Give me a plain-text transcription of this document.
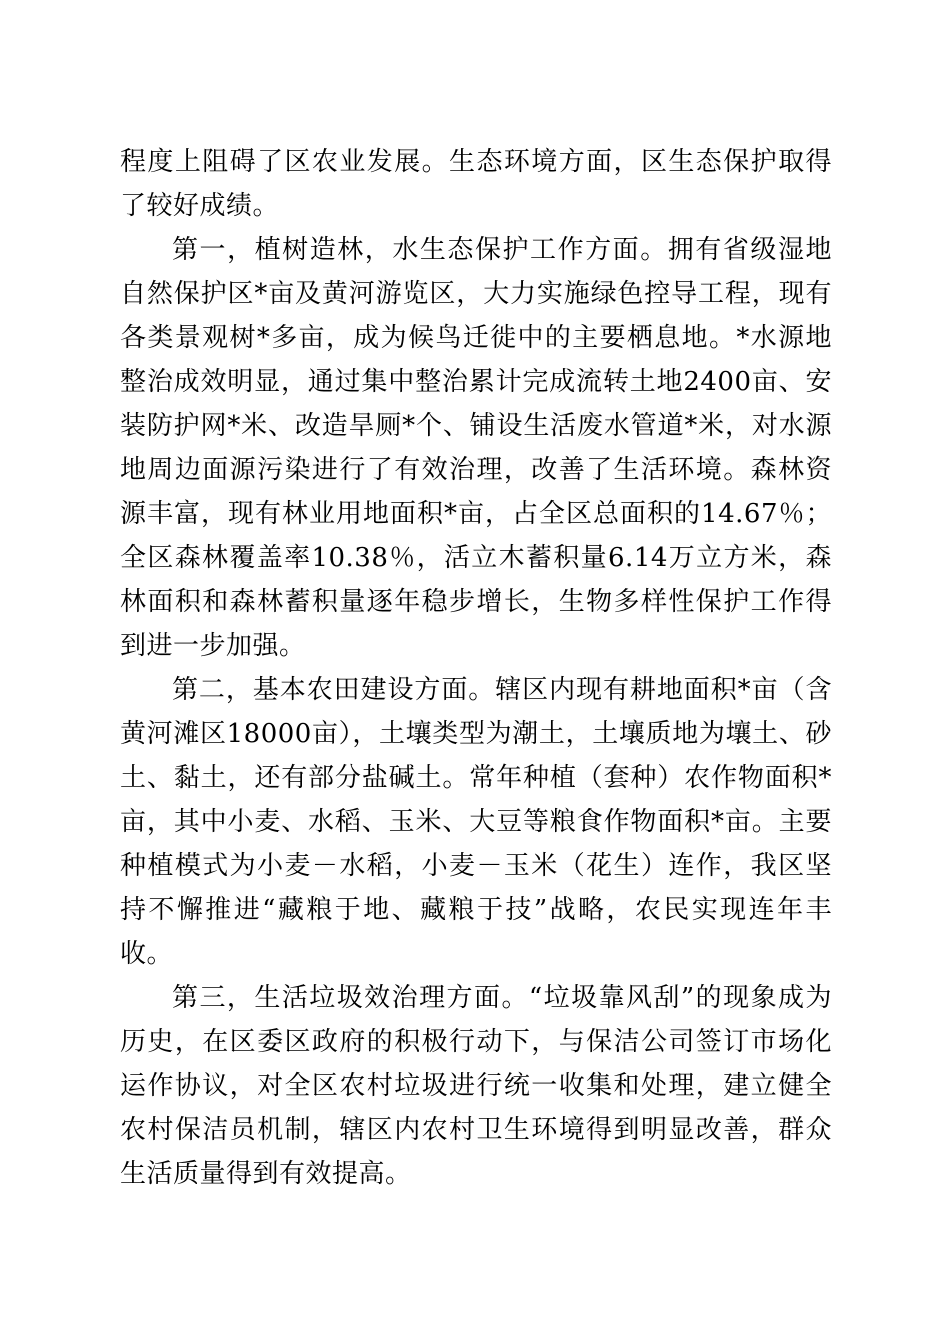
程度上阻碍了区农业发展。生态环境方面，区生态保护取得了较好成绩。

第一，植树造林，水生态保护工作方面。拥有省级湿地自然保护区*亩及黄河游览区，大力实施绿色控导工程，现有各类景观树*多亩，成为候鸟迁徙中的主要栖息地。*水源地整治成效明显，通过集中整治累计完成流转土地2400亩、安装防护网*米、改造旱厕*个、铺设生活废水管道*米，对水源地周边面源污染进行了有效治理，改善了生活环境。森林资源丰富，现有林业用地面积*亩，占全区总面积的14.67％；全区森林覆盖率10.38％，活立木蓄积量6.14万立方米，森林面积和森林蓄积量逐年稳步增长，生物多样性保护工作得到进一步加强。

第二，基本农田建设方面。辖区内现有耕地面积*亩（含黄河滩区18000亩），土壤类型为潮土，土壤质地为壤土、砂土、黏土，还有部分盐碱土。常年种植（套种）农作物面积*亩，其中小麦、水稻、玉米、大豆等粮食作物面积*亩。主要种植模式为小麦－水稻，小麦－玉米（花生）连作，我区坚持不懈推进“藏粮于地、藏粮于技”战略，农民实现连年丰收。

第三，生活垃圾效治理方面。“垃圾靠风刮”的现象成为历史，在区委区政府的积极行动下，与保洁公司签订市场化运作协议，对全区农村垃圾进行统一收集和处理，建立健全农村保洁员机制，辖区内农村卫生环境得到明显改善，群众生活质量得到有效提高。
